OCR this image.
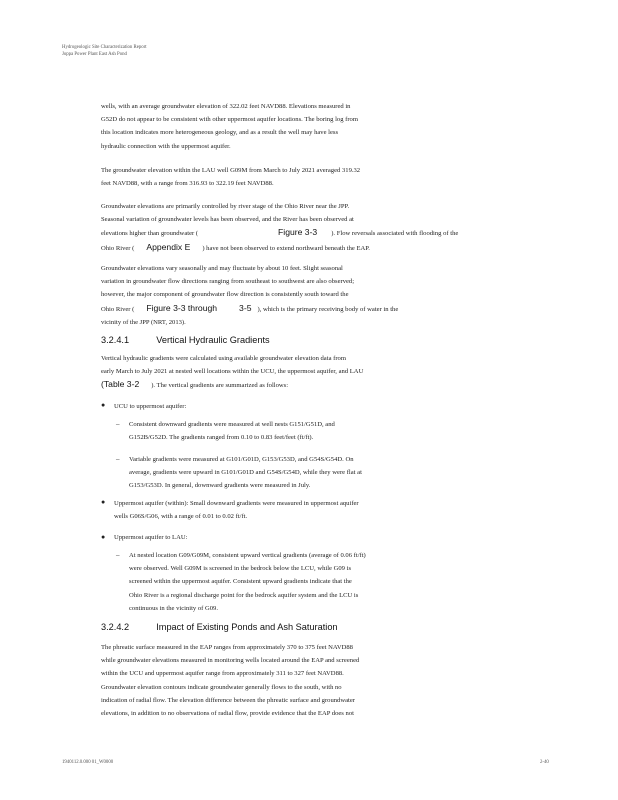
Hydrogeologic Site Characterization Report
Joppa Power Plant East Ash Pond
wells, with an average groundwater elevation of 322.02 feet NAVD88. Elevations measured in
G52D do not appear to be consistent with other uppermost aquifer locations. The boring log from
this location indicates more heterogeneous geology, and as a result the well may have less
hydraulic connection with the uppermost aquifer.
The groundwater elevation within the LAU well G09M from March to July 2021 averaged 319.32
feet NAVD88, with a range from 316.93 to 322.19 feet NAVD88.
Groundwater elevations are primarily controlled by river stage of the Ohio River near the JPP.
Seasonal variation of groundwater levels has been observed, and the River has been observed at
elevations higher than groundwater (	Figure 3-3 ). Flow reversals associated with flooding of the
Ohio River ( Appendix E ) have not been observed to extend northward beneath the EAP.
Groundwater elevations vary seasonally and may fluctuate by about 10 feet. Slight seasonal
variation in groundwater flow directions ranging from southeast to southwest are also observed;
however, the major component of groundwater flow direction is consistently south toward the
Ohio River ( Figure 3-3 through	3-5 ), which is the primary receiving body of water in the
vicinity of the JPP (NRT, 2013).
3.2.4.1	Vertical Hydraulic Gradients
Vertical hydraulic gradients were calculated using available groundwater elevation data from
early March to July 2021 at nested well locations within the UCU, the uppermost aquifer, and LAU
(Table 3-2 ). The vertical gradients are summarized as follows:
● UCU to uppermost aquifer:
– Consistent downward gradients were measured at well nests G151/G51D, and
G152B/G52D. The gradients ranged from 0.10 to 0.83 feet/feet (ft/ft).
– Variable gradients were measured at G101/G01D, G153/G53D, and G54S/G54D. On
average, gradients were upward in G101/G01D and G54S/G54D, while they were flat at
G153/G53D. In general, downward gradients were measured in July.
● Uppermost aquifer (within): Small downward gradients were measured in uppermost aquifer
wells G06S/G06, with a range of 0.01 to 0.02 ft/ft.
● Uppermost aquifer to LAU:
– At nested location G09/G09M, consistent upward vertical gradients (average of 0.06 ft/ft)
were observed. Well G09M is screened in the bedrock below the LCU, while G09 is
screened within the uppermost aquifer. Consistent upward gradients indicate that the
Ohio River is a regional discharge point for the bedrock aquifer system and the LCU is
continuous in the vicinity of G09.
3.2.4.2	Impact of Existing Ponds and Ash Saturation
The phreatic surface measured in the EAP ranges from approximately 370 to 375 feet NAVD88
while groundwater elevations measured in monitoring wells located around the EAP and screened
within the UCU and uppermost aquifer range from approximately 311 to 327 feet NAVD88.
Groundwater elevation contours indicate groundwater generally flows to the south, with no
indication of radial flow. The elevation difference between the phreatic surface and groundwater
elevations, in addition to no observations of radial flow, provide evidence that the EAP does not
1940112.0.000 01_W0000	2-40
